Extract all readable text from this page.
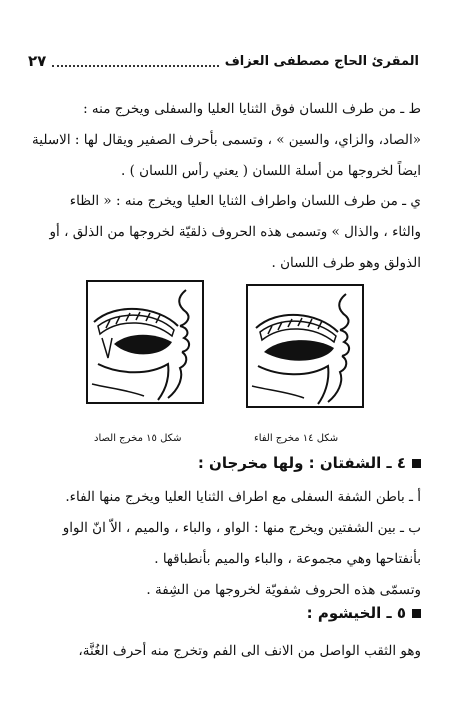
المقرئ الحاج مصطفى العزاف
٢٧
ط ـ من طرف اللسان فوق الثنايا العليا والسفلى ويخرج منه :
«الصاد، والزاي، والسين » ، وتسمى بأحرف الصفير ويقال لها : الاسلية
ايضاً لخروجها من أسلة اللسان ( يعني رأس اللسان ) .
ي ـ من طرف اللسان واطراف الثنايا العليا ويخرج منه : « الظاء
والثاء ، والذال » وتسمى هذه الحروف ذلقيّة لخروجها من الذلق ، أو
الذولق وهو طرف اللسان .
شكل ١٤ مخرج الفاء
شكل ١٥ مخرج الصاد
٤ ـ الشفتان : ولها مخرجان :
أ ـ باطن الشفة السفلى مع اطراف الثنايا العليا ويخرج منها الفاء.
ب ـ بين الشفتين ويخرج منها : الواو ، والباء ، والميم ، الاّ انّ الواو
بأنفتاحها وهي مجموعة ، والباء والميم بأنطباقها .
وتسمّى هذه الحروف شفويّة لخروجها من الشِفة .
٥ ـ الخيشوم :
وهو الثقب الواصل من الانف الى الفم وتخرج منه أحرف الغُنَّة،
